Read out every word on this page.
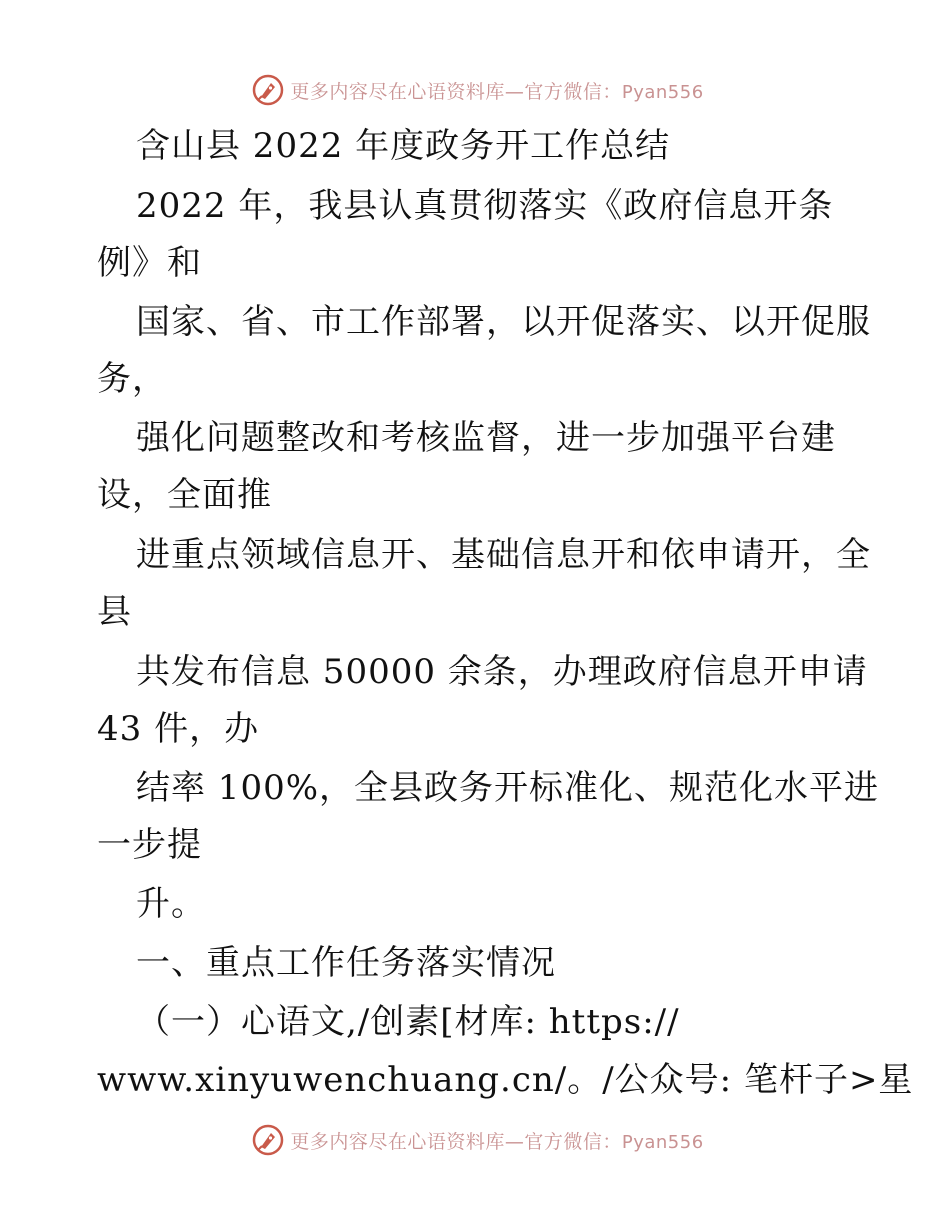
更多内容尽在心语资料库—官方微信：Pyan556
含山县 2022 年度政务开工作总结
2022 年，我县认真贯彻落实《政府信息开条
例》和
国家、省、市工作部署，以开促落实、以开促服
务，
强化问题整改和考核监督，进一步加强平台建
设，全面推
进重点领域信息开、基础信息开和依申请开，全
县
共发布信息 50000 余条，办理政府信息开申请
43 件，办
结率 100%，全县政务开标准化、规范化水平进
一步提
升。
一、重点工作任务落实情况
（一）心语文,/创素[材库: https://
www.xinyuwenchuang.cn/。/公众号: 笔杆子>星
更多内容尽在心语资料库—官方微信：Pyan556
